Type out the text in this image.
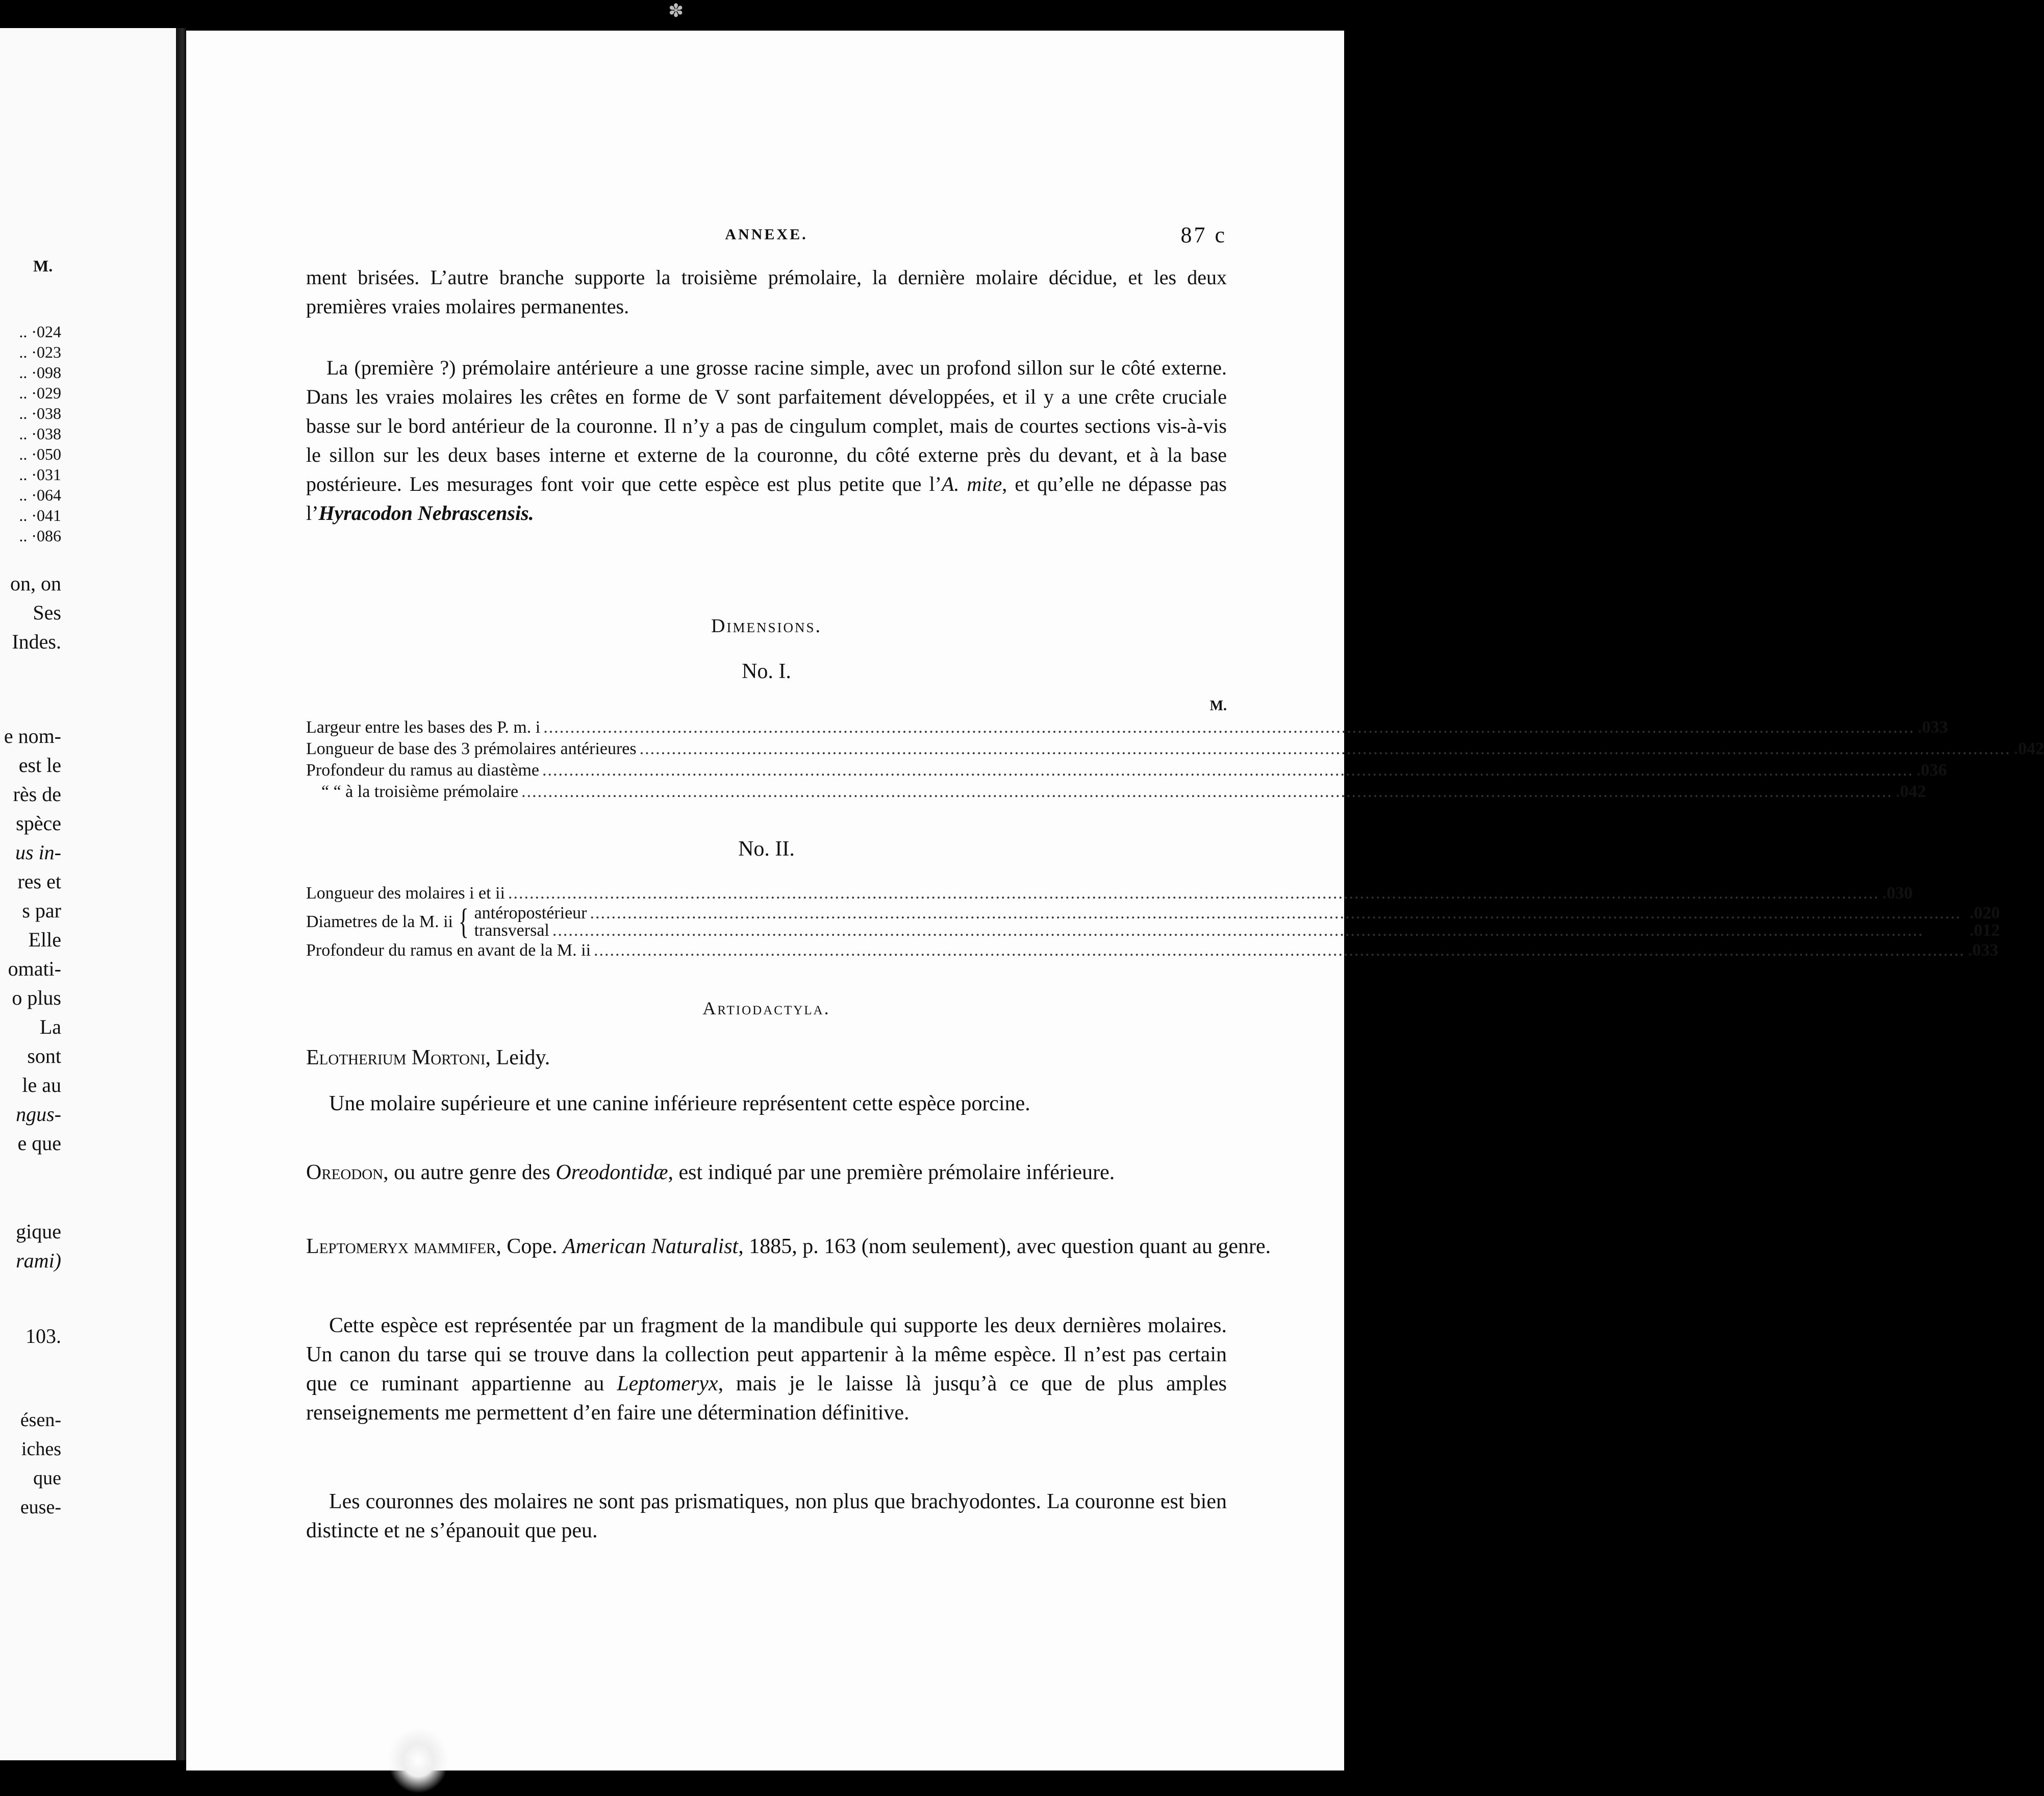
M.
.. ·024
.. ·023
.. ·098
.. ·029
.. ·038
.. ·038
.. ·050
.. ·031
.. ·064
.. ·041
.. ·086
on, on
Ses
Indes.
e nom-
est le
rès de
spèce
us in-
res et
s par
Elle
omati-
o plus
La
sont
le au
ngus-
e que
gique
rami)
103.
ésen-
iches
que
euse-
✽
ANNEXE.	87 c
ment brisées. L’autre branche supporte la troisième prémolaire, la dernière molaire décidue, et les deux premières vraies molaires permanentes.
La (première ?) prémolaire antérieure a une grosse racine simple, avec un profond sillon sur le côté externe. Dans les vraies molaires les crêtes en forme de V sont parfaitement développées, et il y a une crête cruciale basse sur le bord antérieur de la couronne. Il n’y a pas de cingulum complet, mais de courtes sections vis-à-vis le sillon sur les deux bases interne et externe de la couronne, du côté externe près du devant, et à la base postérieure. Les mesurages font voir que cette espèce est plus petite que l’A. mite, et qu’elle ne dépasse pas l’Hyracodon Nebrascensis.
Dimensions.
No. I.
M.
Largeur entre les bases des P. m. i .....	.033
Longueur de base des 3 prémolaires antérieures .....	.042
Profondeur du ramus au diastème .....	.036
“ “ à la troisième prémolaire .....	.042
No. II.
Longueur des molaires i et ii .....	.030
Diametres de la M. ii { antéropostérieur .....	.020
transversal .....	.012
Profondeur du ramus en avant de la M. ii .....	.033
Artiodactyla.
Elotherium Mortoni, Leidy.
Une molaire supérieure et une canine inférieure représentent cette espèce porcine.
Oreodon, ou autre genre des Oreodontidæ, est indiqué par une première prémolaire inférieure.
Leptomeryx mammifer, Cope. American Naturalist, 1885, p. 163 (nom seulement), avec question quant au genre.
Cette espèce est représentée par un fragment de la mandibule qui supporte les deux dernières molaires. Un canon du tarse qui se trouve dans la collection peut appartenir à la même espèce. Il n’est pas certain que ce ruminant appartienne au Leptomeryx, mais je le laisse là jusqu’à ce que de plus amples renseignements me permettent d’en faire une détermination définitive.
Les couronnes des molaires ne sont pas prismatiques, non plus que brachyodontes. La couronne est bien distincte et ne s’épanouit que peu.
